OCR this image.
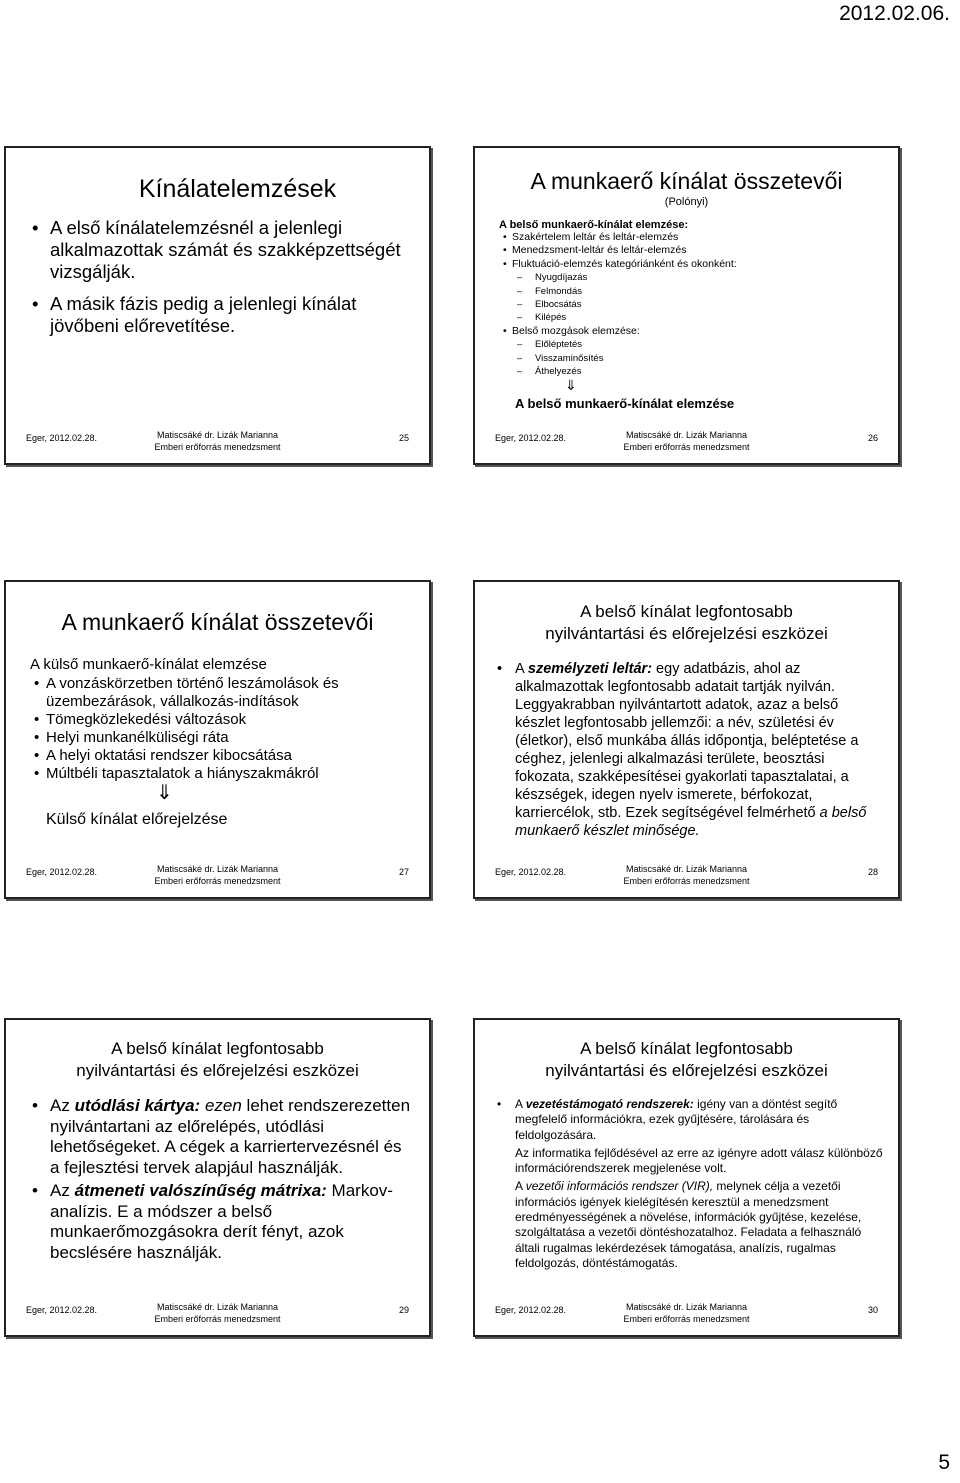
2012.02.06.
Kínálatelemzések
• A első kínálatelemzésnél a jelenlegi alkalmazottak számát és szakképzettségét vizsgálják.
• A másik fázis pedig a jelenlegi kínálat jövőbeni előrevetítése.
Eger, 2012.02.28.	Matiscsáké dr. Lizák Marianna
Emberi erőforrás menedzsment
25
A munkaerő kínálat összetevői
(Polónyi)
A belső munkaerő-kínálat elemzése:
• Szakértelem leltár és leltár-elemzés
• Menedzsment-leltár és leltár-elemzés
• Fluktuáció-elemzés kategóriánként és okonként:
– Nyugdíjazás
– Felmondás
– Elbocsátás
– Kilépés
• Belső mozgások elemzése:
– Előléptetés
– Visszaminősítés
– Áthelyezés
⇓
A belső munkaerő-kínálat elemzése
Eger, 2012.02.28.	Matiscsáké dr. Lizák Marianna
Emberi erőforrás menedzsment
26
A munkaerő kínálat összetevői
A külső munkaerő-kínálat elemzése
• A vonzáskörzetben történő leszámolások és üzembezárások, vállalkozás-indítások
• Tömegközlekedési változások
• Helyi munkanélküliségi ráta
• A helyi oktatási rendszer kibocsátása
• Múltbéli tapasztalatok a hiányszakmákról
⇓
Külső kínálat előrejelzése
Eger, 2012.02.28.	Matiscsáké dr. Lizák Marianna
Emberi erőforrás menedzsment
27
A belső kínálat legfontosabb
nyilvántartási és előrejelzési eszközei
• A személyzeti leltár: egy adatbázis, ahol az alkalmazottak legfontosabb adatait tartják nyilván. Leggyakrabban nyilvántartott adatok, azaz a belső készlet legfontosabb jellemzői: a név, születési év (életkor), első munkába állás időpontja, beléptetése a céghez, jelenlegi alkalmazási területe, beosztási fokozata, szakképesítései gyakorlati tapasztalatai, a készségek, idegen nyelv ismerete, bérfokozat, karriercélok, stb. Ezek segítségével felmérhető a belső munkaerő készlet minősége.
Eger, 2012.02.28.	Matiscsáké dr. Lizák Marianna
Emberi erőforrás menedzsment
28
A belső kínálat legfontosabb
nyilvántartási és előrejelzési eszközei
• Az utódlási kártya: ezen lehet rendszerezetten nyilvántartani az előrelépés, utódlási lehetőségeket. A cégek a karriertervezésnél és a fejlesztési tervek alapjául használják.
• Az átmeneti valószínűség mátrixa: Markov-analízis. E a módszer a belső munkaerőmozgásokra derít fényt, azok becslésére használják.
Eger, 2012.02.28.	Matiscsáké dr. Lizák Marianna
Emberi erőforrás menedzsment
29
A belső kínálat legfontosabb
nyilvántartási és előrejelzési eszközei
• A vezetéstámogató rendszerek: igény van a döntést segítő megfelelő információkra, ezek gyűjtésére, tárolására és feldolgozására.
Az informatika fejlődésével az erre az igényre adott válasz különböző információrendszerek megjelenése volt.
A vezetői információs rendszer (VIR), melynek célja a vezetői információs igények kielégítésén keresztül a menedzsment eredményességének a növelése, információk gyűjtése, kezelése, szolgáltatása a vezetői döntéshozatalhoz. Feladata a felhasználó általi rugalmas lekérdezések támogatása, analízis, rugalmas feldolgozás, döntéstámogatás.
Eger, 2012.02.28.	Matiscsáké dr. Lizák Marianna
Emberi erőforrás menedzsment
30
5
